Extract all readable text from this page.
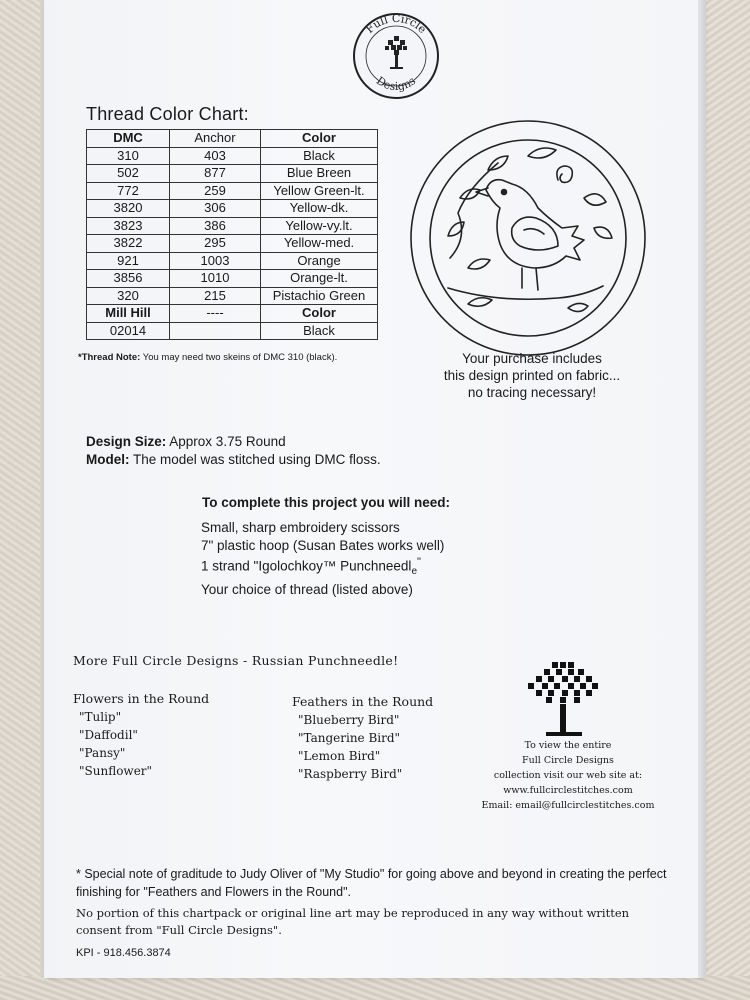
Full Circle
Designs
Thread Color Chart:
DMC	Anchor	Color
310	403	Black
502	877	Blue Breen
772	259	Yellow Green-lt.
3820	306	Yellow-dk.
3823	386	Yellow-vy.lt.
3822	295	Yellow-med.
921	1003	Orange
3856	1010	Orange-lt.
320	215	Pistachio Green
Mill Hill	----	Color
02014		Black
*Thread Note: You may need two skeins of DMC 310 (black).	Your purchase includes
this design printed on fabric...
no tracing necessary!
Design Size: Approx 3.75 Round
Model: The model was stitched using DMC floss.
To complete this project you will need:
Small, sharp embroidery scissors
7" plastic hoop (Susan Bates works well)
1 strand "Igolochkoy™ Punchneedl$_e$"
Your choice of thread (listed above)
More Full Circle Designs - Russian Punchneedle!
Flowers in the Round
"Tulip"
"Daffodil"
"Pansy"
"Sunflower"
Feathers in the Round
"Blueberry Bird"
"Tangerine Bird"
"Lemon Bird"
"Raspberry Bird"
To view the entire
Full Circle Designs
collection visit our web site at:
www.fullcirclestitches.com
Email: email@fullcirclestitches.com
* Special note of graditude to Judy Oliver of "My Studio" for going above and beyond in creating the perfect finishing for "Feathers and Flowers in the Round".
No portion of this chartpack or original line art may be reproduced in any way without written consent from "Full Circle Designs".
KPI - 918.456.3874
